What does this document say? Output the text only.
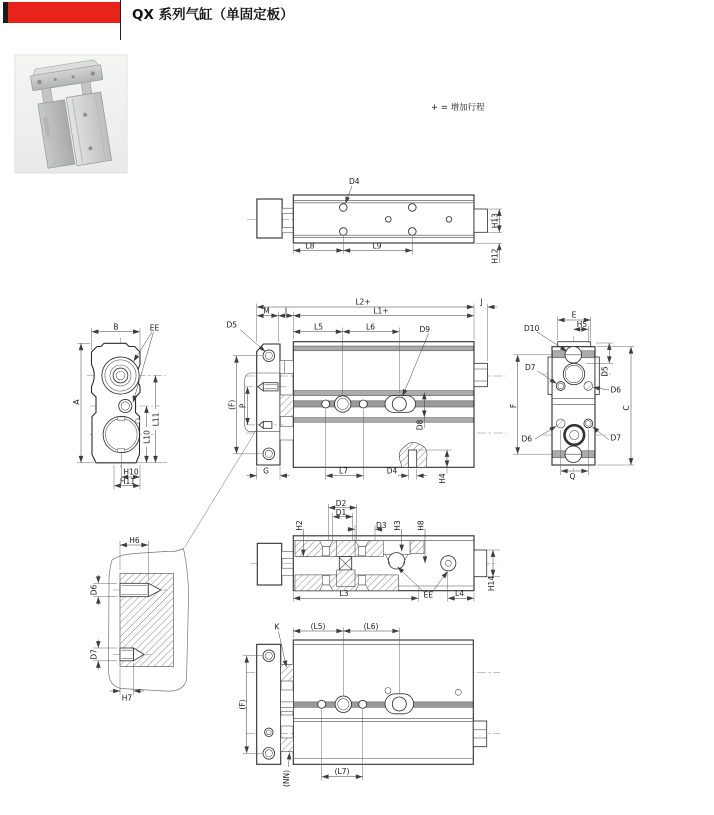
QX 系列气缸（单固定板）
+ = 增加行程
D4
L8	L9
H13
H12
L2+	J
M I	L1+
L5	L6
D5	D9
D8
L7	D4
H4
G
(F) P
B	EE
A
L10
L11
H10
H11
E
H5
D10
D7	D5
D6
C
D6	D7
Q
F
D2
D1
D3
H2	H3 H8
EE
L3	L4
H14
H6
D6
D7
H7
K	(L5)	(L6)
(F)
(L7)
(NN)
